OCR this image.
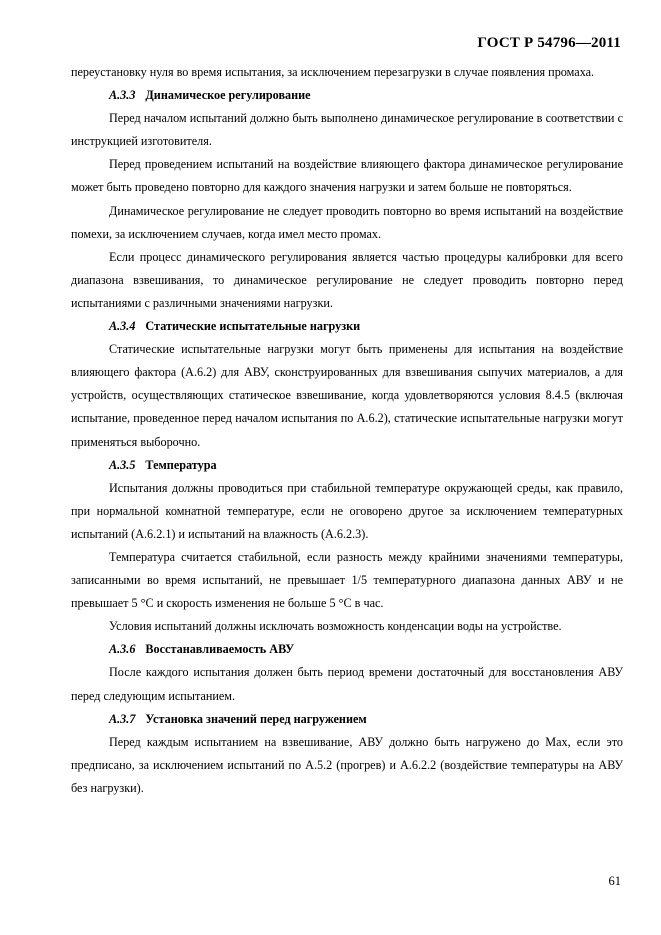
ГОСТ Р 54796—2011

переустановку нуля во время испытания, за исключением перезагрузки в случае появления промаха.

А.3.3 Динамическое регулирование

Перед началом испытаний должно быть выполнено динамическое регулирование в соответствии с инструкцией изготовителя.

Перед проведением испытаний на воздействие влияющего фактора динамическое регулирование может быть проведено повторно для каждого значения нагрузки и затем больше не повторяться.

Динамическое регулирование не следует проводить повторно во время испытаний на воздействие помехи, за исключением случаев, когда имел место промах.

Если процесс динамического регулирования является частью процедуры калибровки для всего диапазона взвешивания, то динамическое регулирование не следует проводить повторно перед испытаниями с различными значениями нагрузки.

А.3.4 Статические испытательные нагрузки

Статические испытательные нагрузки могут быть применены для испытания на воздействие влияющего фактора (А.6.2) для АВУ, сконструированных для взвешивания сыпучих материалов, а для устройств, осуществляющих статическое взвешивание, когда удовлетворяются условия 8.4.5 (включая испытание, проведенное перед началом испытания по А.6.2), статические испытательные нагрузки могут применяться выборочно.

А.3.5 Температура

Испытания должны проводиться при стабильной температуре окружающей среды, как правило, при нормальной комнатной температуре, если не оговорено другое за исключением температурных испытаний (А.6.2.1) и испытаний на влажность (А.6.2.3).

Температура считается стабильной, если разность между крайними значениями температуры, записанными во время испытаний, не превышает 1/5 температурного диапазона данных АВУ и не превышает 5 °С и скорость изменения не больше 5 °С в час.

Условия испытаний должны исключать возможность конденсации воды на устройстве.

А.3.6 Восстанавливаемость АВУ

После каждого испытания должен быть период времени достаточный для восстановления АВУ перед следующим испытанием.

А.3.7 Установка значений перед нагружением

Перед каждым испытанием на взвешивание, АВУ должно быть нагружено до Max, если это предписано, за исключением испытаний по А.5.2 (прогрев) и А.6.2.2 (воздействие температуры на АВУ без нагрузки).

61
